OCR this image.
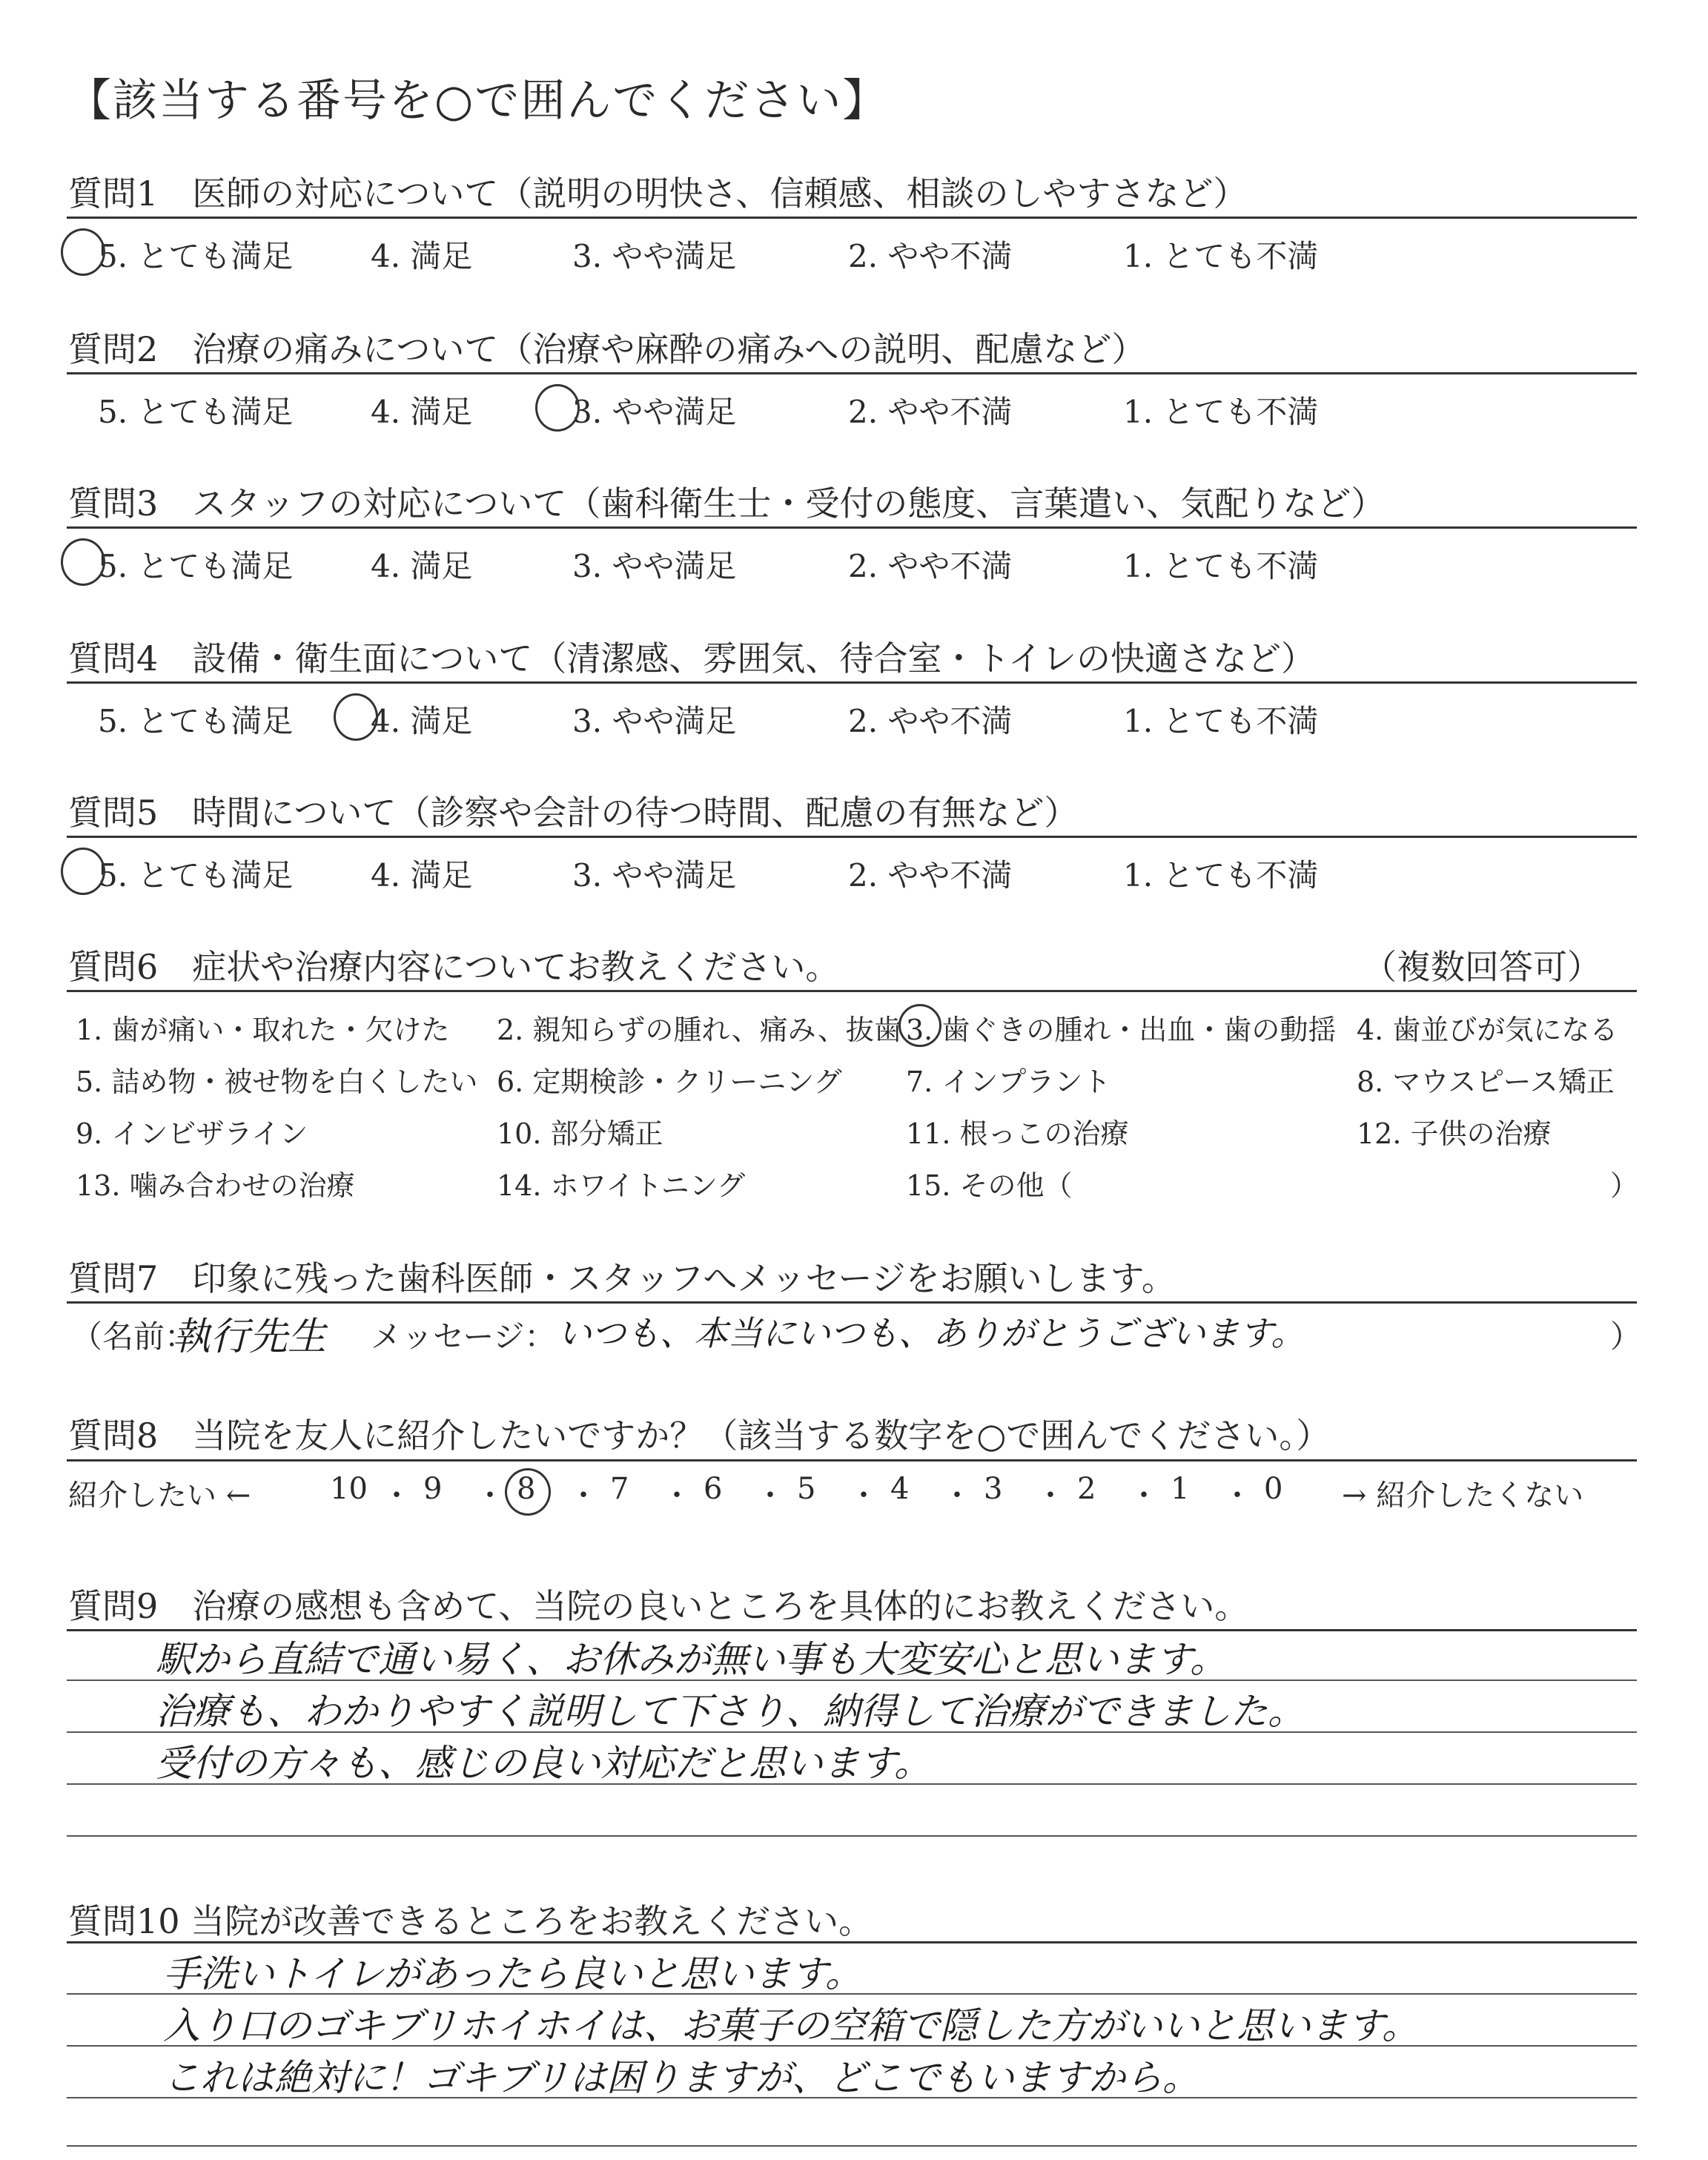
【該当する番号を○で囲んでください】
質問1　医師の対応について（説明の明快さ、信頼感、相談のしやすさなど）
5. とても満足 4. 満足	3. やや満足	2. やや不満	1. とても不満
質問2　治療の痛みについて（治療や麻酔の痛みへの説明、配慮など）
5. とても満足 4. 満足	3. やや満足	2. やや不満	1. とても不満
質問3　スタッフの対応について（歯科衛生士・受付の態度、言葉遣い、気配りなど）
5. とても満足 4. 満足	3. やや満足	2. やや不満	1. とても不満
質問4　設備・衛生面について（清潔感、雰囲気、待合室・トイレの快適さなど）
5. とても満足 4. 満足	3. やや満足	2. やや不満	1. とても不満
質問5　時間について（診察や会計の待つ時間、配慮の有無など）
5. とても満足 4. 満足	3. やや満足	2. やや不満	1. とても不満
質問6　症状や治療内容についてお教えください。	（複数回答可）
1. 歯が痛い・取れた・欠けた 2. 親知らずの腫れ、痛み、抜歯 3. 歯ぐきの腫れ・出血・歯の動揺 4. 歯並びが気になる
5. 詰め物・被せ物を白くしたい 6. 定期検診・クリーニング 7. インプラント	8. マウスピース矯正
9. インビザライン	10. 部分矯正	11. 根っこの治療	12. 子供の治療
13. 噛み合わせの治療	14. ホワイトニング	15. その他（	）
質問7　印象に残った歯科医師・スタッフへメッセージをお願いします。
（名前：
執行先生 メッセージ： いつも、本当にいつも、ありがとうございます。	）
質問8　当院を友人に紹介したいですか？（該当する数字を○で囲んでください。）
紹介したい ←	10 ・ 9 ・ 8 ・ 7 ・ 6 ・ 5 ・ 4 ・ 3 ・ 2 ・ 1 ・ 0 → 紹介したくない
質問9　治療の感想も含めて、当院の良いところを具体的にお教えください。
駅から直結で通い易く、お休みが無い事も大変安心と思います。
治療も、わかりやすく説明して下さり、納得して治療ができました。
受付の方々も、感じの良い対応だと思います。
質問10 当院が改善できるところをお教えください。
手洗いトイレがあったら良いと思います。
入り口のゴキブリホイホイは、お菓子の空箱で隠した方がいいと思います。
これは絶対に！ゴキブリは困りますが、どこでもいますから。
